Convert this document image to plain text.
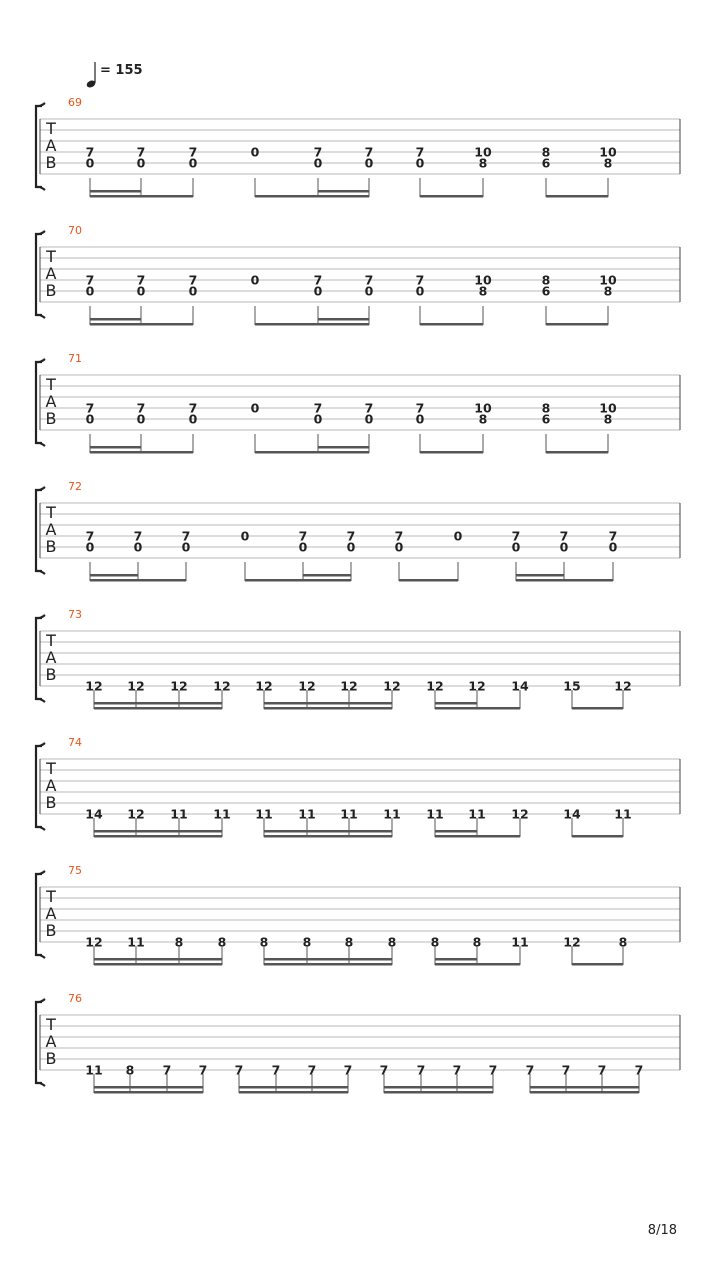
= 155
69
T
A
B
7
0
7
0
7
0
0	7
0
7
0
7
0
10
8
8
6
10
8
70
T
A
B
7
0
7
0
7
0
0	7
0
7
0
7
0
10
8
8
6
10
8
71
T
A
B
7
0
7
0
7
0
0	7
0
7
0
7
0
10
8
8
6
10
8
72
T
A
B
7
0
7
0
7
0
0	7
0
7
0
7
0
0	7
0
7
0
7
0
73
T
A
B
12 12 12 12 12 12 12 12 12 12 14	15	12
74
T
A
B
14 12 11 11 11 11 11 11 11 11 12	14	11
75
T
A
B
12 11 8	8	8	8	8	8	8	8 11	12	8
76
T
A
B
11 8 7 7 7 7 7 7 7 7 7 7 7 7 7 7
8/18
